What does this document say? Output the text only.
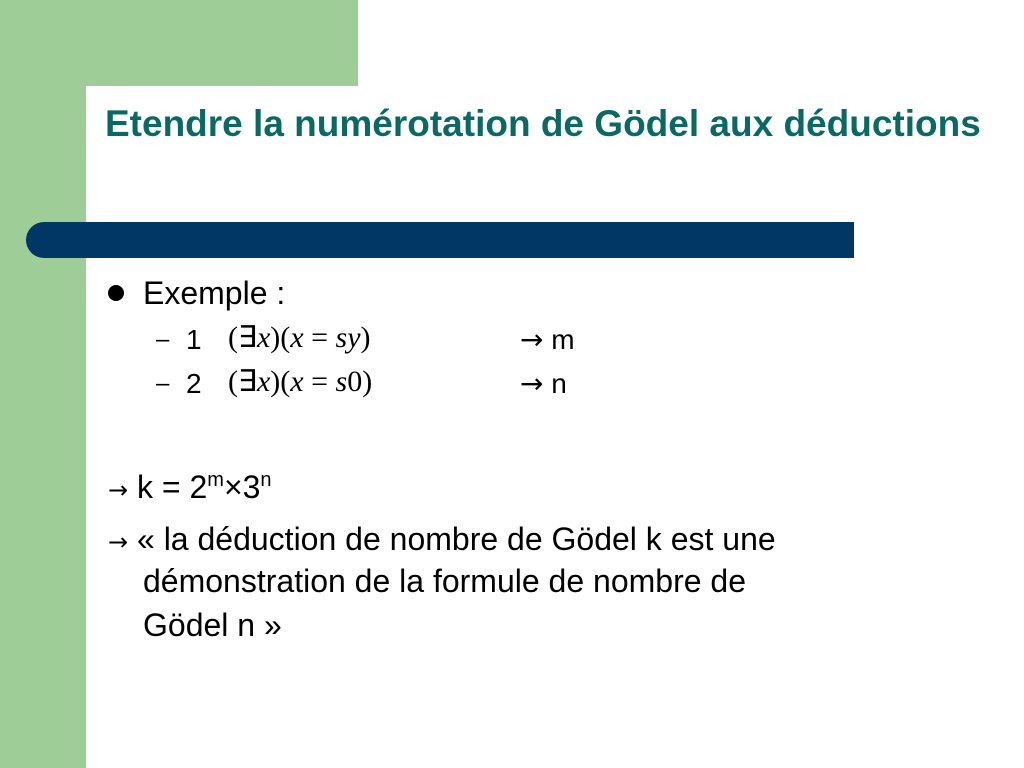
Etendre la numérotation de Gödel aux déductions
Exemple :
– 1 (∃x)(x = sy)	→ m
– 2 (∃x)(x = s0)	→ n
→ $k = 2^m\times 3^n$
→ « la déduction de nombre de Gödel k est une
démonstration de la formule de nombre de
Gödel n »
